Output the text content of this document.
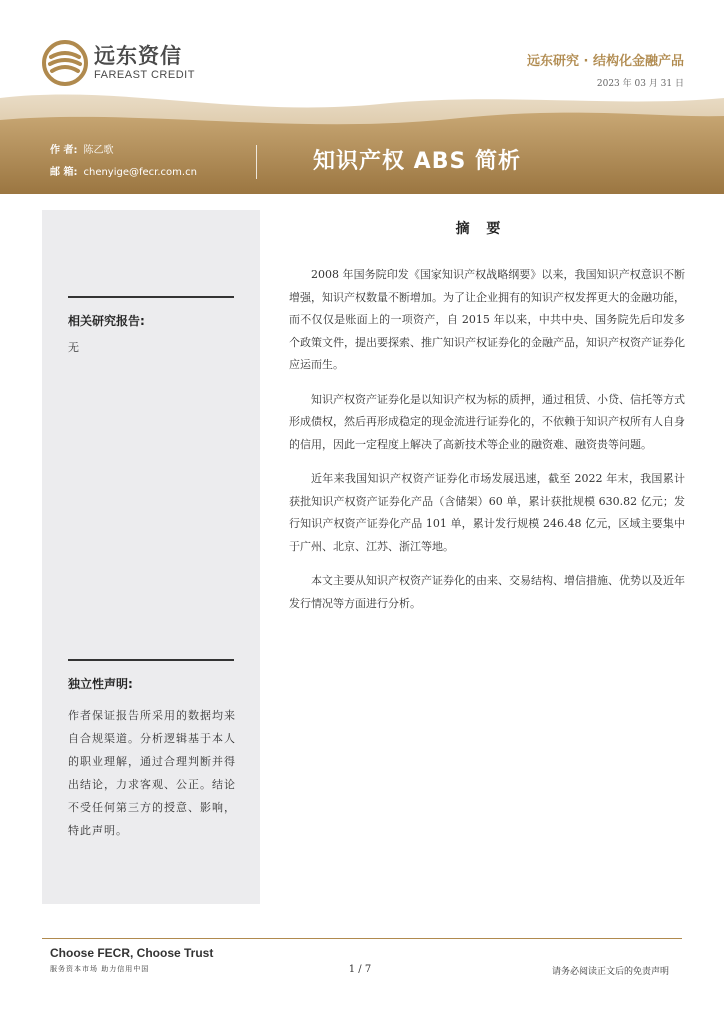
远东资信
FAREAST CREDIT
远东研究 · 结构化金融产品
2023 年 03 月 31 日
作 者: 陈乙歌
邮 箱: chenyige@fecr.com.cn	知识产权 ABS 简析
相关研究报告:
无
独立性声明:
作者保证报告所采用的数据均来自合规渠道。分析逻辑基于本人的职业理解，通过合理判断并得出结论，力求客观、公正。结论不受任何第三方的授意、影响，特此声明。
摘 要

2008 年国务院印发《国家知识产权战略纲要》以来，我国知识产权意识不断增强，知识产权数量不断增加。为了让企业拥有的知识产权发挥更大的金融功能，而不仅仅是账面上的一项资产，自 2015 年以来，中共中央、国务院先后印发多个政策文件，提出要探索、推广知识产权证券化的金融产品，知识产权资产证券化应运而生。

知识产权资产证券化是以知识产权为标的质押，通过租赁、小贷、信托等方式形成债权，然后再形成稳定的现金流进行证券化的，不依赖于知识产权所有人自身的信用，因此一定程度上解决了高新技术等企业的融资难、融资贵等问题。

近年来我国知识产权资产证券化市场发展迅速，截至 2022 年末，我国累计获批知识产权资产证券化产品（含储架）60 单，累计获批规模 630.82 亿元；发行知识产权资产证券化产品 101 单，累计发行规模 246.48 亿元，区域主要集中于广州、北京、江苏、浙江等地。

本文主要从知识产权资产证券化的由来、交易结构、增信措施、优势以及近年发行情况等方面进行分析。

Choose FECR, Choose Trust
服务资本市场 助力信用中国	1 / 7	请务必阅读正文后的免责声明
